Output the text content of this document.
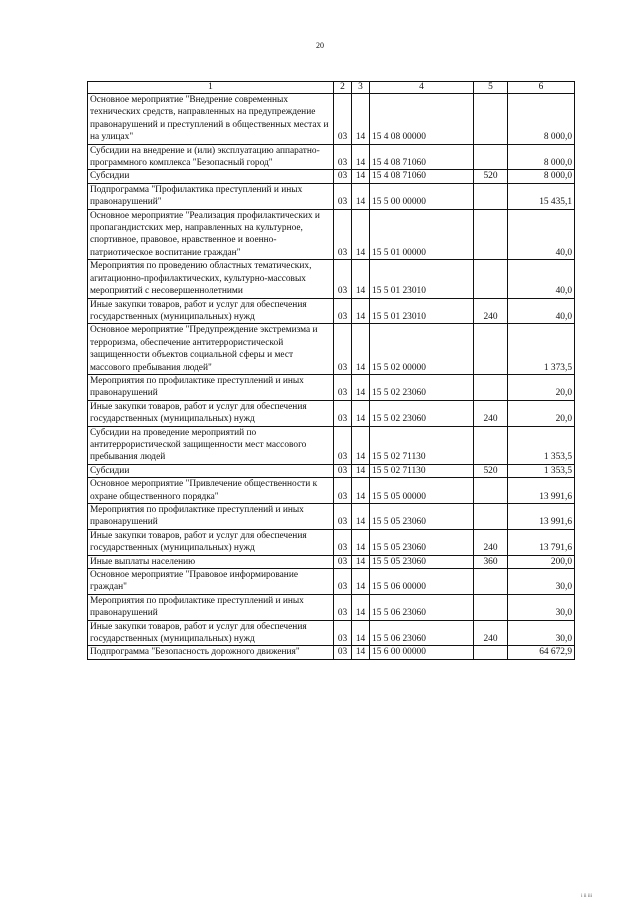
20
1	2	3	4	5	6
Основное мероприятие "Внедрение современных технических средств, направленных на предупреждение правонарушений и преступлений в общественных местах и на улицах"	03	14	15 4 08 00000		8 000,0
Субсидии на внедрение и (или) эксплуатацию аппаратно-программного комплекса "Безопасный город"	03	14	15 4 08 71060		8 000,0
Субсидии	03	14	15 4 08 71060	520	8 000,0
Подпрограмма "Профилактика преступлений и иных правонарушений"	03	14	15 5 00 00000		15 435,1
Основное мероприятие "Реализация профилактических и пропагандистских мер, направленных на культурное, спортивное, правовое, нравственное и военно-патриотическое воспитание граждан"	03	14	15 5 01 00000		40,0
Мероприятия по проведению областных тематических, агитационно-профилактических, культурно-массовых мероприятий с несовершеннолетними	03	14	15 5 01 23010		40,0
Иные закупки товаров, работ и услуг для обеспечения государственных (муниципальных) нужд	03	14	15 5 01 23010	240	40,0
Основное мероприятие "Предупреждение экстремизма и терроризма, обеспечение антитеррористической защищенности объектов социальной сферы и мест массового пребывания людей"	03	14	15 5 02 00000		1 373,5
Мероприятия по профилактике преступлений и иных правонарушений	03	14	15 5 02 23060		20,0
Иные закупки товаров, работ и услуг для обеспечения государственных (муниципальных) нужд	03	14	15 5 02 23060	240	20,0
Субсидии на проведение мероприятий по антитеррористической защищенности мест массового пребывания людей	03	14	15 5 02 71130		1 353,5
Субсидии	03	14	15 5 02 71130	520	1 353,5
Основное мероприятие "Привлечение общественности к охране общественного порядка"	03	14	15 5 05 00000		13 991,6
Мероприятия по профилактике преступлений и иных правонарушений	03	14	15 5 05 23060		13 991,6
Иные закупки товаров, работ и услуг для обеспечения государственных (муниципальных) нужд	03	14	15 5 05 23060	240	13 791,6
Иные выплаты населению	03	14	15 5 05 23060	360	200,0
Основное мероприятие "Правовое информирование граждан"	03	14	15 5 06 00000		30,0
Мероприятия по профилактике преступлений и иных правонарушений	03	14	15 5 06 23060		30,0
Иные закупки товаров, работ и услуг для обеспечения государственных (муниципальных) нужд	03	14	15 5 06 23060	240	30,0
Подпрограмма "Безопасность дорожного движения"	03	14	15 6 00 00000		64 672,9
i ii iii
